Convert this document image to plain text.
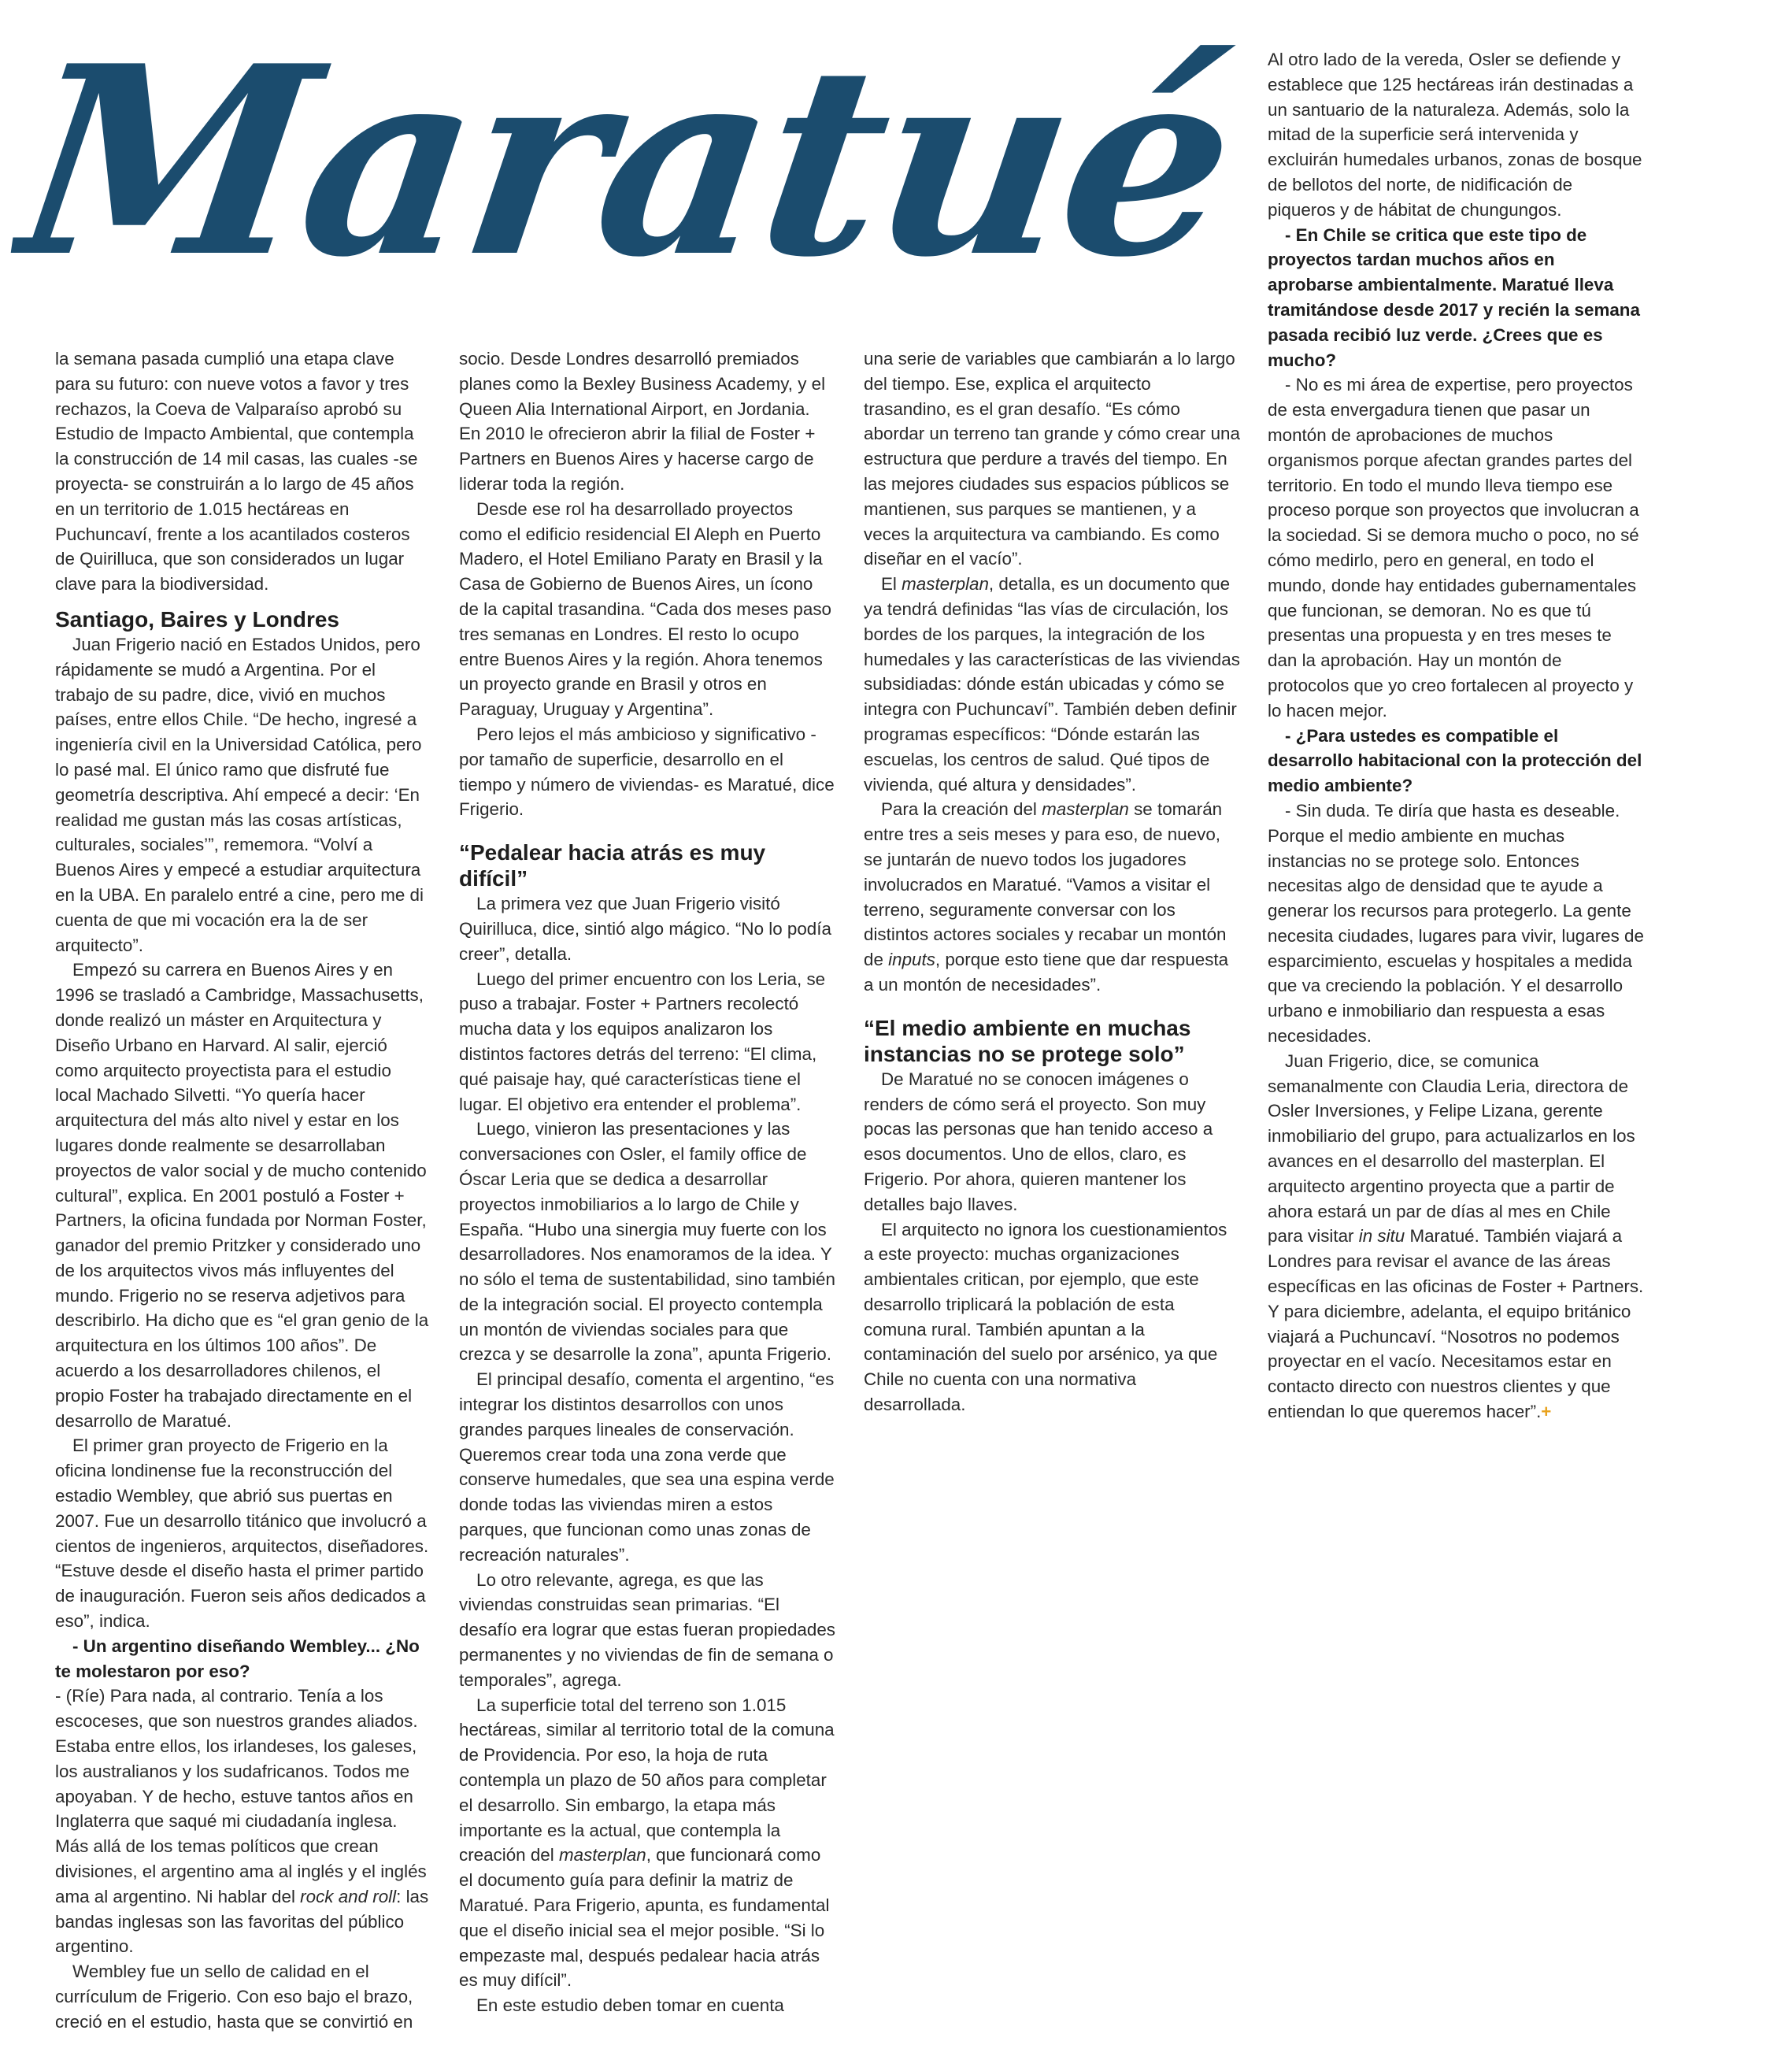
Maratué

la semana pasada cumplió una etapa clave para su futuro: con nueve votos a favor y tres rechazos, la Coeva de Valparaíso aprobó su Estudio de Impacto Ambiental, que contempla la construcción de 14 mil casas, las cuales -se proyecta- se construirán a lo largo de 45 años en un territorio de 1.015 hectáreas en Puchuncaví, frente a los acantilados costeros de Quirilluca, que son considerados un lugar clave para la biodiversidad.

Santiago, Baires y Londres

Juan Frigerio nació en Estados Unidos, pero rápidamente se mudó a Argentina. Por el trabajo de su padre, dice, vivió en muchos países, entre ellos Chile. “De hecho, ingresé a ingeniería civil en la Universidad Católica, pero lo pasé mal. El único ramo que disfruté fue geometría descriptiva. Ahí empecé a decir: ‘En realidad me gustan más las cosas artísticas, culturales, sociales’”, rememora. “Volví a Buenos Aires y empecé a estudiar arquitectura en la UBA. En paralelo entré a cine, pero me di cuenta de que mi vocación era la de ser arquitecto”.

Empezó su carrera en Buenos Aires y en 1996 se trasladó a Cambridge, Massachusetts, donde realizó un máster en Arquitectura y Diseño Urbano en Harvard. Al salir, ejerció como arquitecto proyectista para el estudio local Machado Silvetti. “Yo quería hacer arquitectura del más alto nivel y estar en los lugares donde realmente se desarrollaban proyectos de valor social y de mucho contenido cultural”, explica. En 2001 postuló a Foster + Partners, la oficina fundada por Norman Foster, ganador del premio Pritzker y considerado uno de los arquitectos vivos más influyentes del mundo. Frigerio no se reserva adjetivos para describirlo. Ha dicho que es “el gran genio de la arquitectura en los últimos 100 años”. De acuerdo a los desarrolladores chilenos, el propio Foster ha trabajado directamente en el desarrollo de Maratué.

El primer gran proyecto de Frigerio en la oficina londinense fue la reconstrucción del estadio Wembley, que abrió sus puertas en 2007. Fue un desarrollo titánico que involucró a cientos de ingenieros, arquitectos, diseñadores. “Estuve desde el diseño hasta el primer partido de inauguración. Fueron seis años dedicados a eso”, indica.

- Un argentino diseñando Wembley... ¿No te molestaron por eso?

- (Ríe) Para nada, al contrario. Tenía a los escoceses, que son nuestros grandes aliados. Estaba entre ellos, los irlandeses, los galeses, los australianos y los sudafricanos. Todos me apoyaban. Y de hecho, estuve tantos años en Inglaterra que saqué mi ciudadanía inglesa. Más allá de los temas políticos que crean divisiones, el argentino ama al inglés y el inglés ama al argentino. Ni hablar del rock and roll: las bandas inglesas son las favoritas del público argentino.

Wembley fue un sello de calidad en el currículum de Frigerio. Con eso bajo el brazo, creció en el estudio, hasta que se convirtió en

socio. Desde Londres desarrolló premiados planes como la Bexley Business Academy, y el Queen Alia International Airport, en Jordania. En 2010 le ofrecieron abrir la filial de Foster + Partners en Buenos Aires y hacerse cargo de liderar toda la región.

Desde ese rol ha desarrollado proyectos como el edificio residencial El Aleph en Puerto Madero, el Hotel Emiliano Paraty en Brasil y la Casa de Gobierno de Buenos Aires, un ícono de la capital trasandina. “Cada dos meses paso tres semanas en Londres. El resto lo ocupo entre Buenos Aires y la región. Ahora tenemos un proyecto grande en Brasil y otros en Paraguay, Uruguay y Argentina”.

Pero lejos el más ambicioso y significativo -por tamaño de superficie, desarrollo en el tiempo y número de viviendas- es Maratué, dice Frigerio.

“Pedalear hacia atrás es muy difícil”

La primera vez que Juan Frigerio visitó Quirilluca, dice, sintió algo mágico. “No lo podía creer”, detalla.

Luego del primer encuentro con los Leria, se puso a trabajar. Foster + Partners recolectó mucha data y los equipos analizaron los distintos factores detrás del terreno: “El clima, qué paisaje hay, qué características tiene el lugar. El objetivo era entender el problema”.

Luego, vinieron las presentaciones y las conversaciones con Osler, el family office de Óscar Leria que se dedica a desarrollar proyectos inmobiliarios a lo largo de Chile y España. “Hubo una sinergia muy fuerte con los desarrolladores. Nos enamoramos de la idea. Y no sólo el tema de sustentabilidad, sino también de la integración social. El proyecto contempla un montón de viviendas sociales para que crezca y se desarrolle la zona”, apunta Frigerio.

El principal desafío, comenta el argentino, “es integrar los distintos desarrollos con unos grandes parques lineales de conservación. Queremos crear toda una zona verde que conserve humedales, que sea una espina verde donde todas las viviendas miren a estos parques, que funcionan como unas zonas de recreación naturales”.

Lo otro relevante, agrega, es que las viviendas construidas sean primarias. “El desafío era lograr que estas fueran propiedades permanentes y no viviendas de fin de semana o temporales”, agrega.

La superficie total del terreno son 1.015 hectáreas, similar al territorio total de la comuna de Providencia. Por eso, la hoja de ruta contempla un plazo de 50 años para completar el desarrollo. Sin embargo, la etapa más importante es la actual, que contempla la creación del masterplan, que funcionará como el documento guía para definir la matriz de Maratué. Para Frigerio, apunta, es fundamental que el diseño inicial sea el mejor posible. “Si lo empezaste mal, después pedalear hacia atrás es muy difícil”.

En este estudio deben tomar en cuenta

una serie de variables que cambiarán a lo largo del tiempo. Ese, explica el arquitecto trasandino, es el gran desafío. “Es cómo abordar un terreno tan grande y cómo crear una estructura que perdure a través del tiempo. En las mejores ciudades sus espacios públicos se mantienen, sus parques se mantienen, y a veces la arquitectura va cambiando. Es como diseñar en el vacío”.

El masterplan, detalla, es un documento que ya tendrá definidas “las vías de circulación, los bordes de los parques, la integración de los humedales y las características de las viviendas subsidiadas: dónde están ubicadas y cómo se integra con Puchuncaví”. También deben definir programas específicos: “Dónde estarán las escuelas, los centros de salud. Qué tipos de vivienda, qué altura y densidades”.

Para la creación del masterplan se tomarán entre tres a seis meses y para eso, de nuevo, se juntarán de nuevo todos los jugadores involucrados en Maratué. “Vamos a visitar el terreno, seguramente conversar con los distintos actores sociales y recabar un montón de inputs, porque esto tiene que dar respuesta a un montón de necesidades”.

“El medio ambiente en muchas instancias no se protege solo”

De Maratué no se conocen imágenes o renders de cómo será el proyecto. Son muy pocas las personas que han tenido acceso a esos documentos. Uno de ellos, claro, es Frigerio. Por ahora, quieren mantener los detalles bajo llaves.

El arquitecto no ignora los cuestionamientos a este proyecto: muchas organizaciones ambientales critican, por ejemplo, que este desarrollo triplicará la población de esta comuna rural. También apuntan a la contaminación del suelo por arsénico, ya que Chile no cuenta con una normativa desarrollada.

Al otro lado de la vereda, Osler se defiende y establece que 125 hectáreas irán destinadas a un santuario de la naturaleza. Además, solo la mitad de la superficie será intervenida y excluirán humedales urbanos, zonas de bosque de bellotos del norte, de nidificación de piqueros y de hábitat de chungungos.

- En Chile se critica que este tipo de proyectos tardan muchos años en aprobarse ambientalmente. Maratué lleva tramitándose desde 2017 y recién la semana pasada recibió luz verde. ¿Crees que es mucho?

- No es mi área de expertise, pero proyectos de esta envergadura tienen que pasar un montón de aprobaciones de muchos organismos porque afectan grandes partes del territorio. En todo el mundo lleva tiempo ese proceso porque son proyectos que involucran a la sociedad. Si se demora mucho o poco, no sé cómo medirlo, pero en general, en todo el mundo, donde hay entidades gubernamentales que funcionan, se demoran. No es que tú presentas una propuesta y en tres meses te dan la aprobación. Hay un montón de protocolos que yo creo fortalecen al proyecto y lo hacen mejor.

- ¿Para ustedes es compatible el desarrollo habitacional con la protección del medio ambiente?

- Sin duda. Te diría que hasta es deseable. Porque el medio ambiente en muchas instancias no se protege solo. Entonces necesitas algo de densidad que te ayude a generar los recursos para protegerlo. La gente necesita ciudades, lugares para vivir, lugares de esparcimiento, escuelas y hospitales a medida que va creciendo la población. Y el desarrollo urbano e inmobiliario dan respuesta a esas necesidades.

Juan Frigerio, dice, se comunica semanalmente con Claudia Leria, directora de Osler Inversiones, y Felipe Lizana, gerente inmobiliario del grupo, para actualizarlos en los avances en el desarrollo del masterplan. El arquitecto argentino proyecta que a partir de ahora estará un par de días al mes en Chile para visitar in situ Maratué. También viajará a Londres para revisar el avance de las áreas específicas en las oficinas de Foster + Partners. Y para diciembre, adelanta, el equipo británico viajará a Puchuncaví. “Nosotros no podemos proyectar en el vacío. Necesitamos estar en contacto directo con nuestros clientes y que entiendan lo que queremos hacer”.+
